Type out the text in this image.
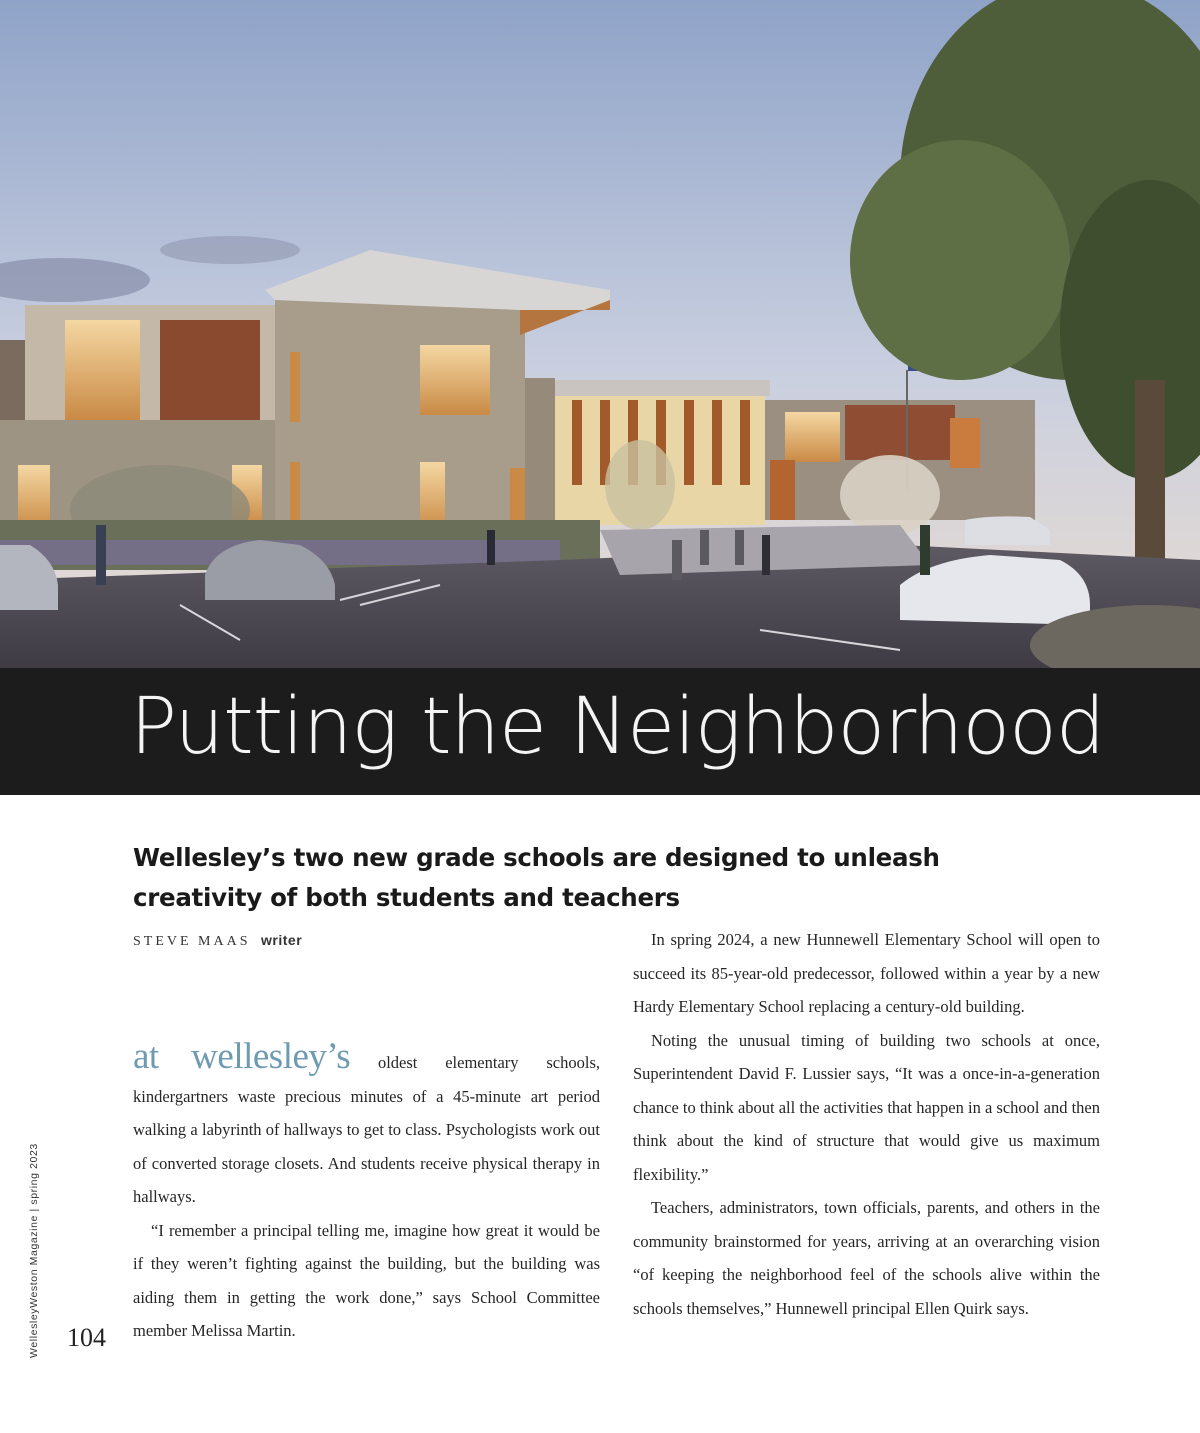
Putting the Neighborhood
Wellesley’s two new grade schools are designed to unleash creativity of both students and teachers
STEVE MAAS writer

at wellesley’s oldest elementary schools, kindergartners waste precious minutes of a 45-minute art period walking a labyrinth of hallways to get to class. Psychologists work out of converted storage closets. And students receive physical therapy in hallways.

“I remember a principal telling me, imagine how great it would be if they weren’t fighting against the building, but the building was aiding them in getting the work done,” says School Committee member Melissa Martin.

In spring 2024, a new Hunnewell Elementary School will open to succeed its 85-year-old predecessor, followed within a year by a new Hardy Elementary School replacing a century-old building.

Noting the unusual timing of building two schools at once, Superintendent David F. Lussier says, “It was a once-in-a-generation chance to think about all the activities that happen in a school and then think about the kind of structure that would give us maximum flexibility.”

Teachers, administrators, town officials, parents, and others in the community brainstormed for years, arriving at an overarching vision “of keeping the neighborhood feel of the schools alive within the schools themselves,” Hunnewell principal Ellen Quirk says.

WellesleyWeston Magazine | spring 2023 104
